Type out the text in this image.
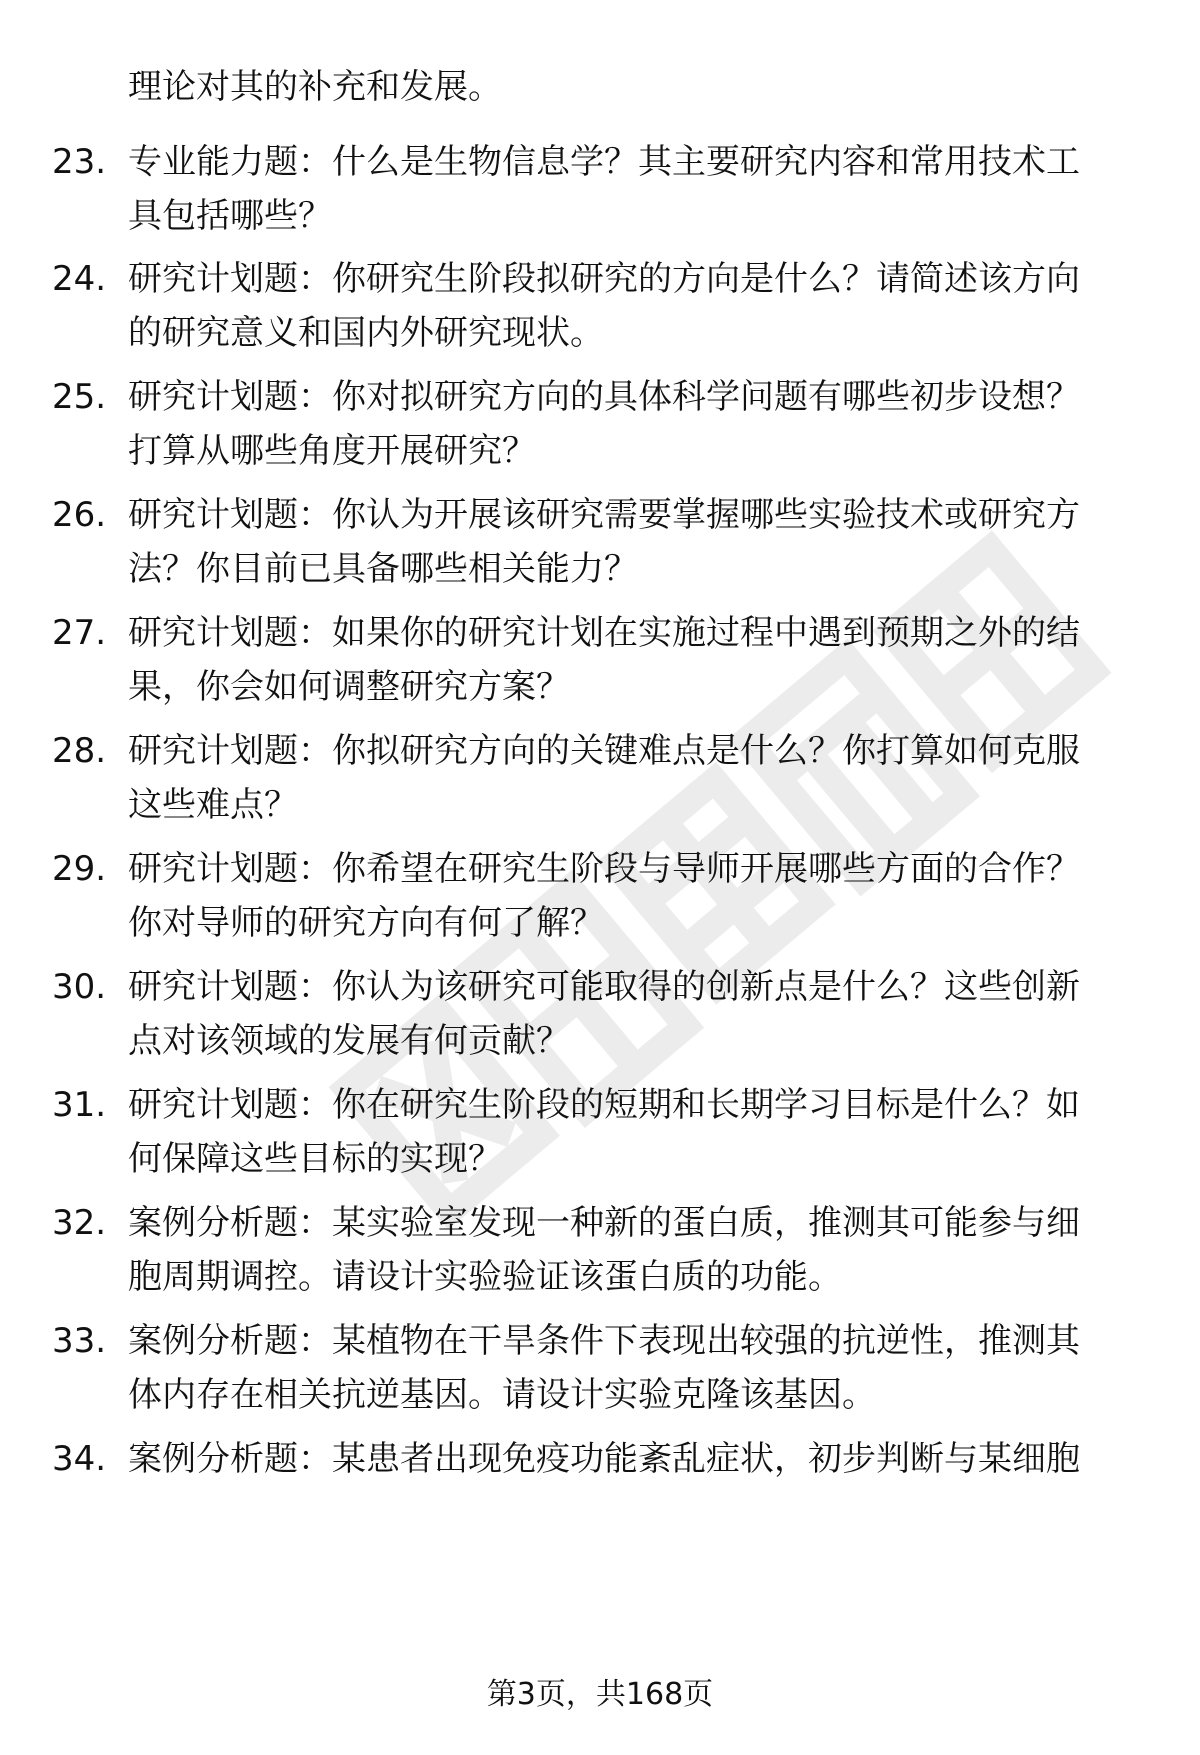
理论对其的补充和发展。
23. 专业能力题：什么是生物信息学？其主要研究内容和常用技术工
具包括哪些？
24. 研究计划题：你研究生阶段拟研究的方向是什么？请简述该方向
的研究意义和国内外研究现状。
25. 研究计划题：你对拟研究方向的具体科学问题有哪些初步设想？
打算从哪些角度开展研究？
26. 研究计划题：你认为开展该研究需要掌握哪些实验技术或研究方
法？你目前已具备哪些相关能力？
27. 研究计划题：如果你的研究计划在实施过程中遇到预期之外的结
果，你会如何调整研究方案？
28. 研究计划题：你拟研究方向的关键难点是什么？你打算如何克服
这些难点？
29. 研究计划题：你希望在研究生阶段与导师开展哪些方面的合作？
你对导师的研究方向有何了解？
30. 研究计划题：你认为该研究可能取得的创新点是什么？这些创新
点对该领域的发展有何贡献？
31. 研究计划题：你在研究生阶段的短期和长期学习目标是什么？如
何保障这些目标的实现？
32. 案例分析题：某实验室发现一种新的蛋白质，推测其可能参与细
胞周期调控。请设计实验验证该蛋白质的功能。
33. 案例分析题：某植物在干旱条件下表现出较强的抗逆性，推测其
体内存在相关抗逆基因。请设计实验克隆该基因。
34. 案例分析题：某患者出现免疫功能紊乱症状，初步判断与某细胞
第3页，共168页
